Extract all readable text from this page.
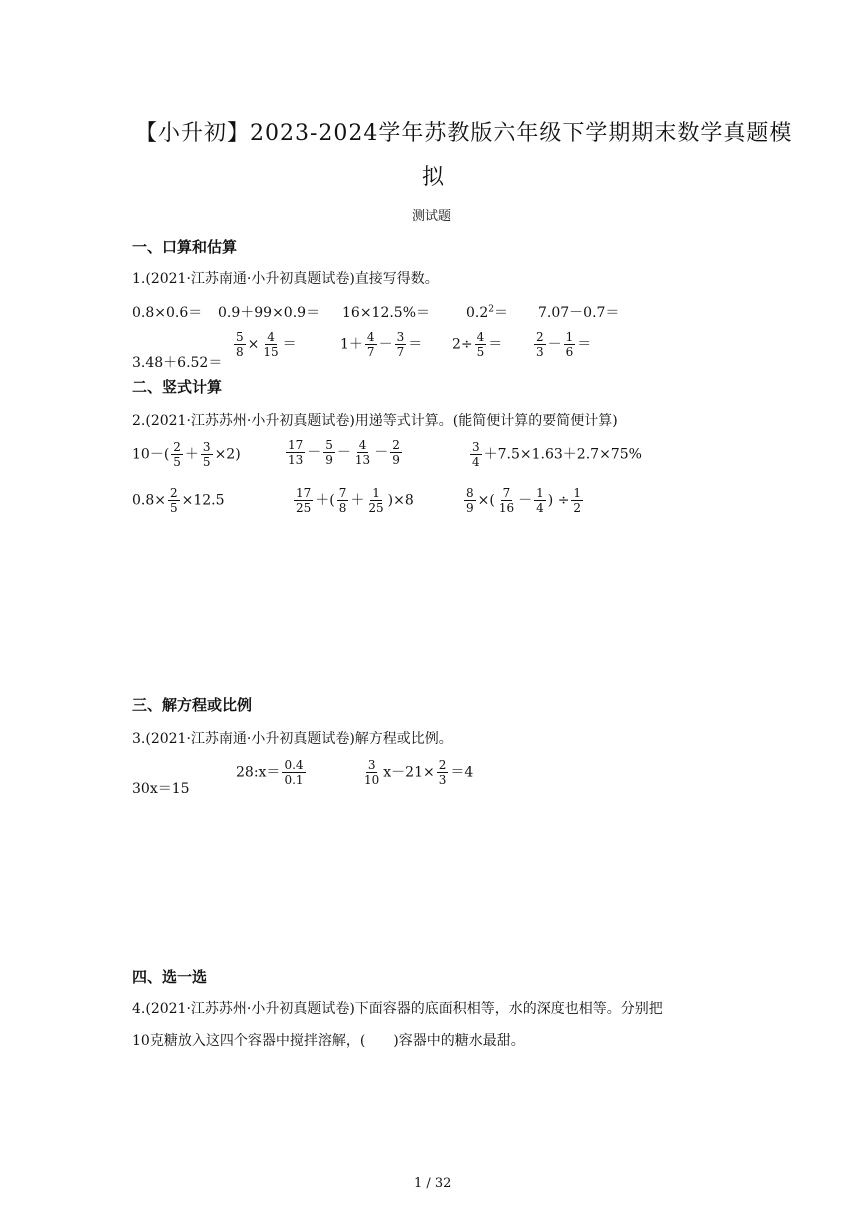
【小升初】2023-2024学年苏教版六年级下学期期末数学真题模
拟
测试题
一、口算和估算
1.(2021·江苏南通·小升初真题试卷)直接写得数。
0.8×0.6＝ 0.9＋99×0.9＝ 16×12.5%＝	$0.2^2= 7.07-0.7=$
3.48＋6.52＝
$\frac{5}{8} \times \frac{4}{15}$ ＝	$1+ \frac{4}{7} - \frac{3}{7} = 2\div \frac{4}{5}$ ＝	$\frac{2}{3} - \frac{1}{6}$ ＝
二、竖式计算
2.(2021·江苏苏州·小升初真题试卷)用递等式计算。(能简便计算的要简便计算)
$10-( \frac{2}{5} + \frac{3}{5} \times 2)$	$\frac{17}{13} - \frac{5}{9} - \frac{4}{13} - \frac{2}{9}$	$\frac{3}{4} +7.5\times 1.63+2.7\times 75\%$
$0.8\times \frac{2}{5} \times 12.5$	$\frac{17}{25}$ ＋( $\frac{7}{8} + \frac{1}{25} )\times 8$	$\frac{8}{9}$ ×( $\frac{7}{16} - \frac{1}{4}$ ) ÷ $\frac{1}{2}$
三、解方程或比例
3.(2021·江苏南通·小升初真题试卷)解方程或比例。
30x＝15
28:x＝ $\frac{0.4}{0.1}$	$\frac{3}{10} x-21\times \frac{2}{3} =4$
四、选一选
4.(2021·江苏苏州·小升初真题试卷)下面容器的底面积相等，水的深度也相等。分别把
10克糖放入这四个容器中搅拌溶解，(　　)容器中的糖水最甜。
1 / 32
